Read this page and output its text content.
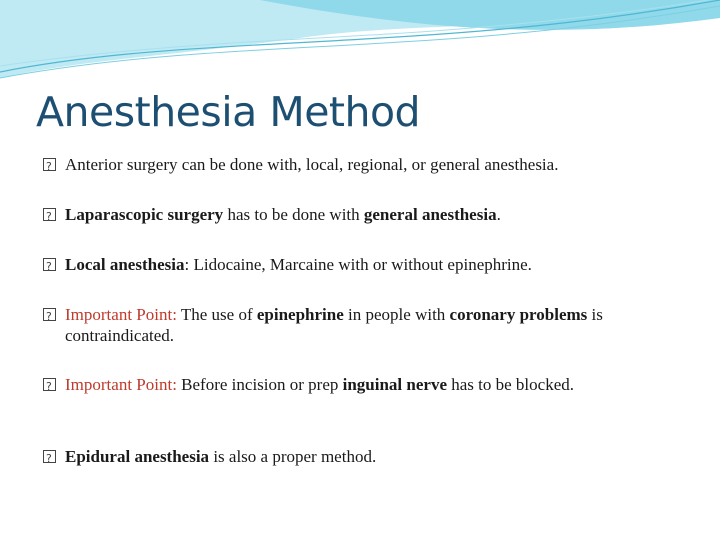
Anesthesia Method
?
Anterior surgery can be done with, local, regional, or general anesthesia.
?
Laparascopic surgery has to be done with general anesthesia.
?
Local anesthesia: Lidocaine, Marcaine with or without epinephrine.
?
Important Point: The use of epinephrine in people with coronary problems is contraindicated.
?
Important Point: Before incision or prep inguinal nerve has to be blocked.
?
Epidural anesthesia is also a proper method.
